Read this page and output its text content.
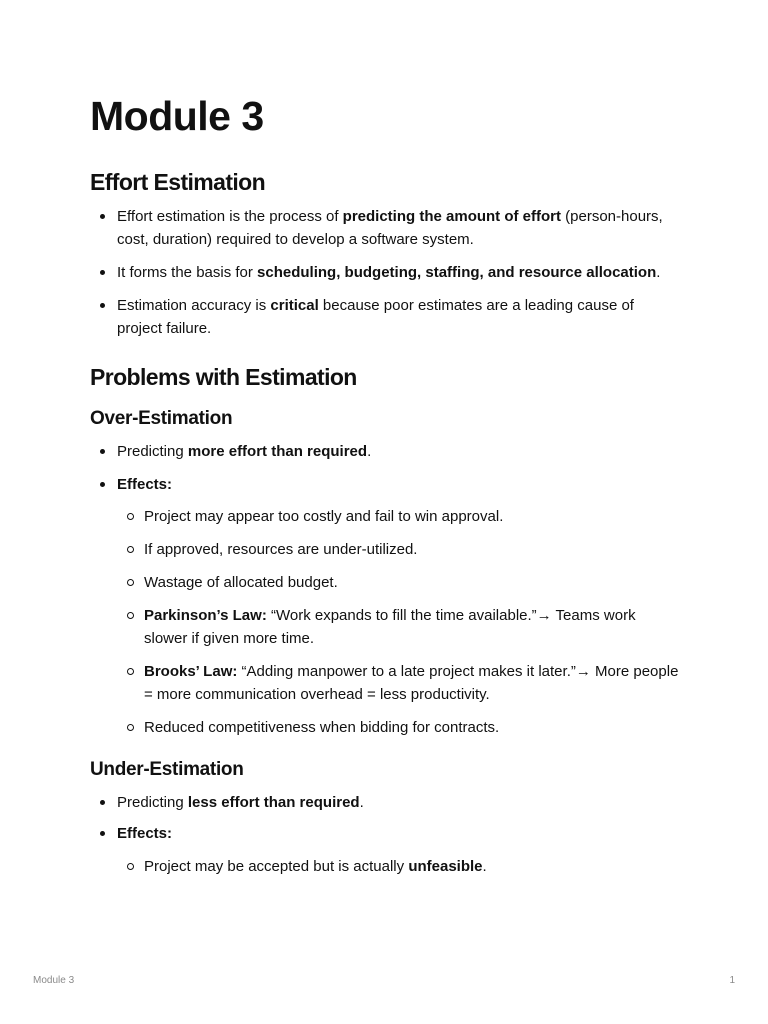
Module 3
Effort Estimation
Effort estimation is the process of predicting the amount of effort (person-hours, cost, duration) required to develop a software system.
It forms the basis for scheduling, budgeting, staffing, and resource allocation.
Estimation accuracy is critical because poor estimates are a leading cause of project failure.
Problems with Estimation
Over-Estimation
Predicting more effort than required.
Effects:
Project may appear too costly and fail to win approval.
If approved, resources are under-utilized.
Wastage of allocated budget.
Parkinson’s Law: “Work expands to fill the time available.”→ Teams work slower if given more time.
Brooks’ Law: “Adding manpower to a late project makes it later.”→ More people = more communication overhead = less productivity.
Reduced competitiveness when bidding for contracts.
Under-Estimation
Predicting less effort than required.
Effects:
Project may be accepted but is actually unfeasible.
Module 3	1
